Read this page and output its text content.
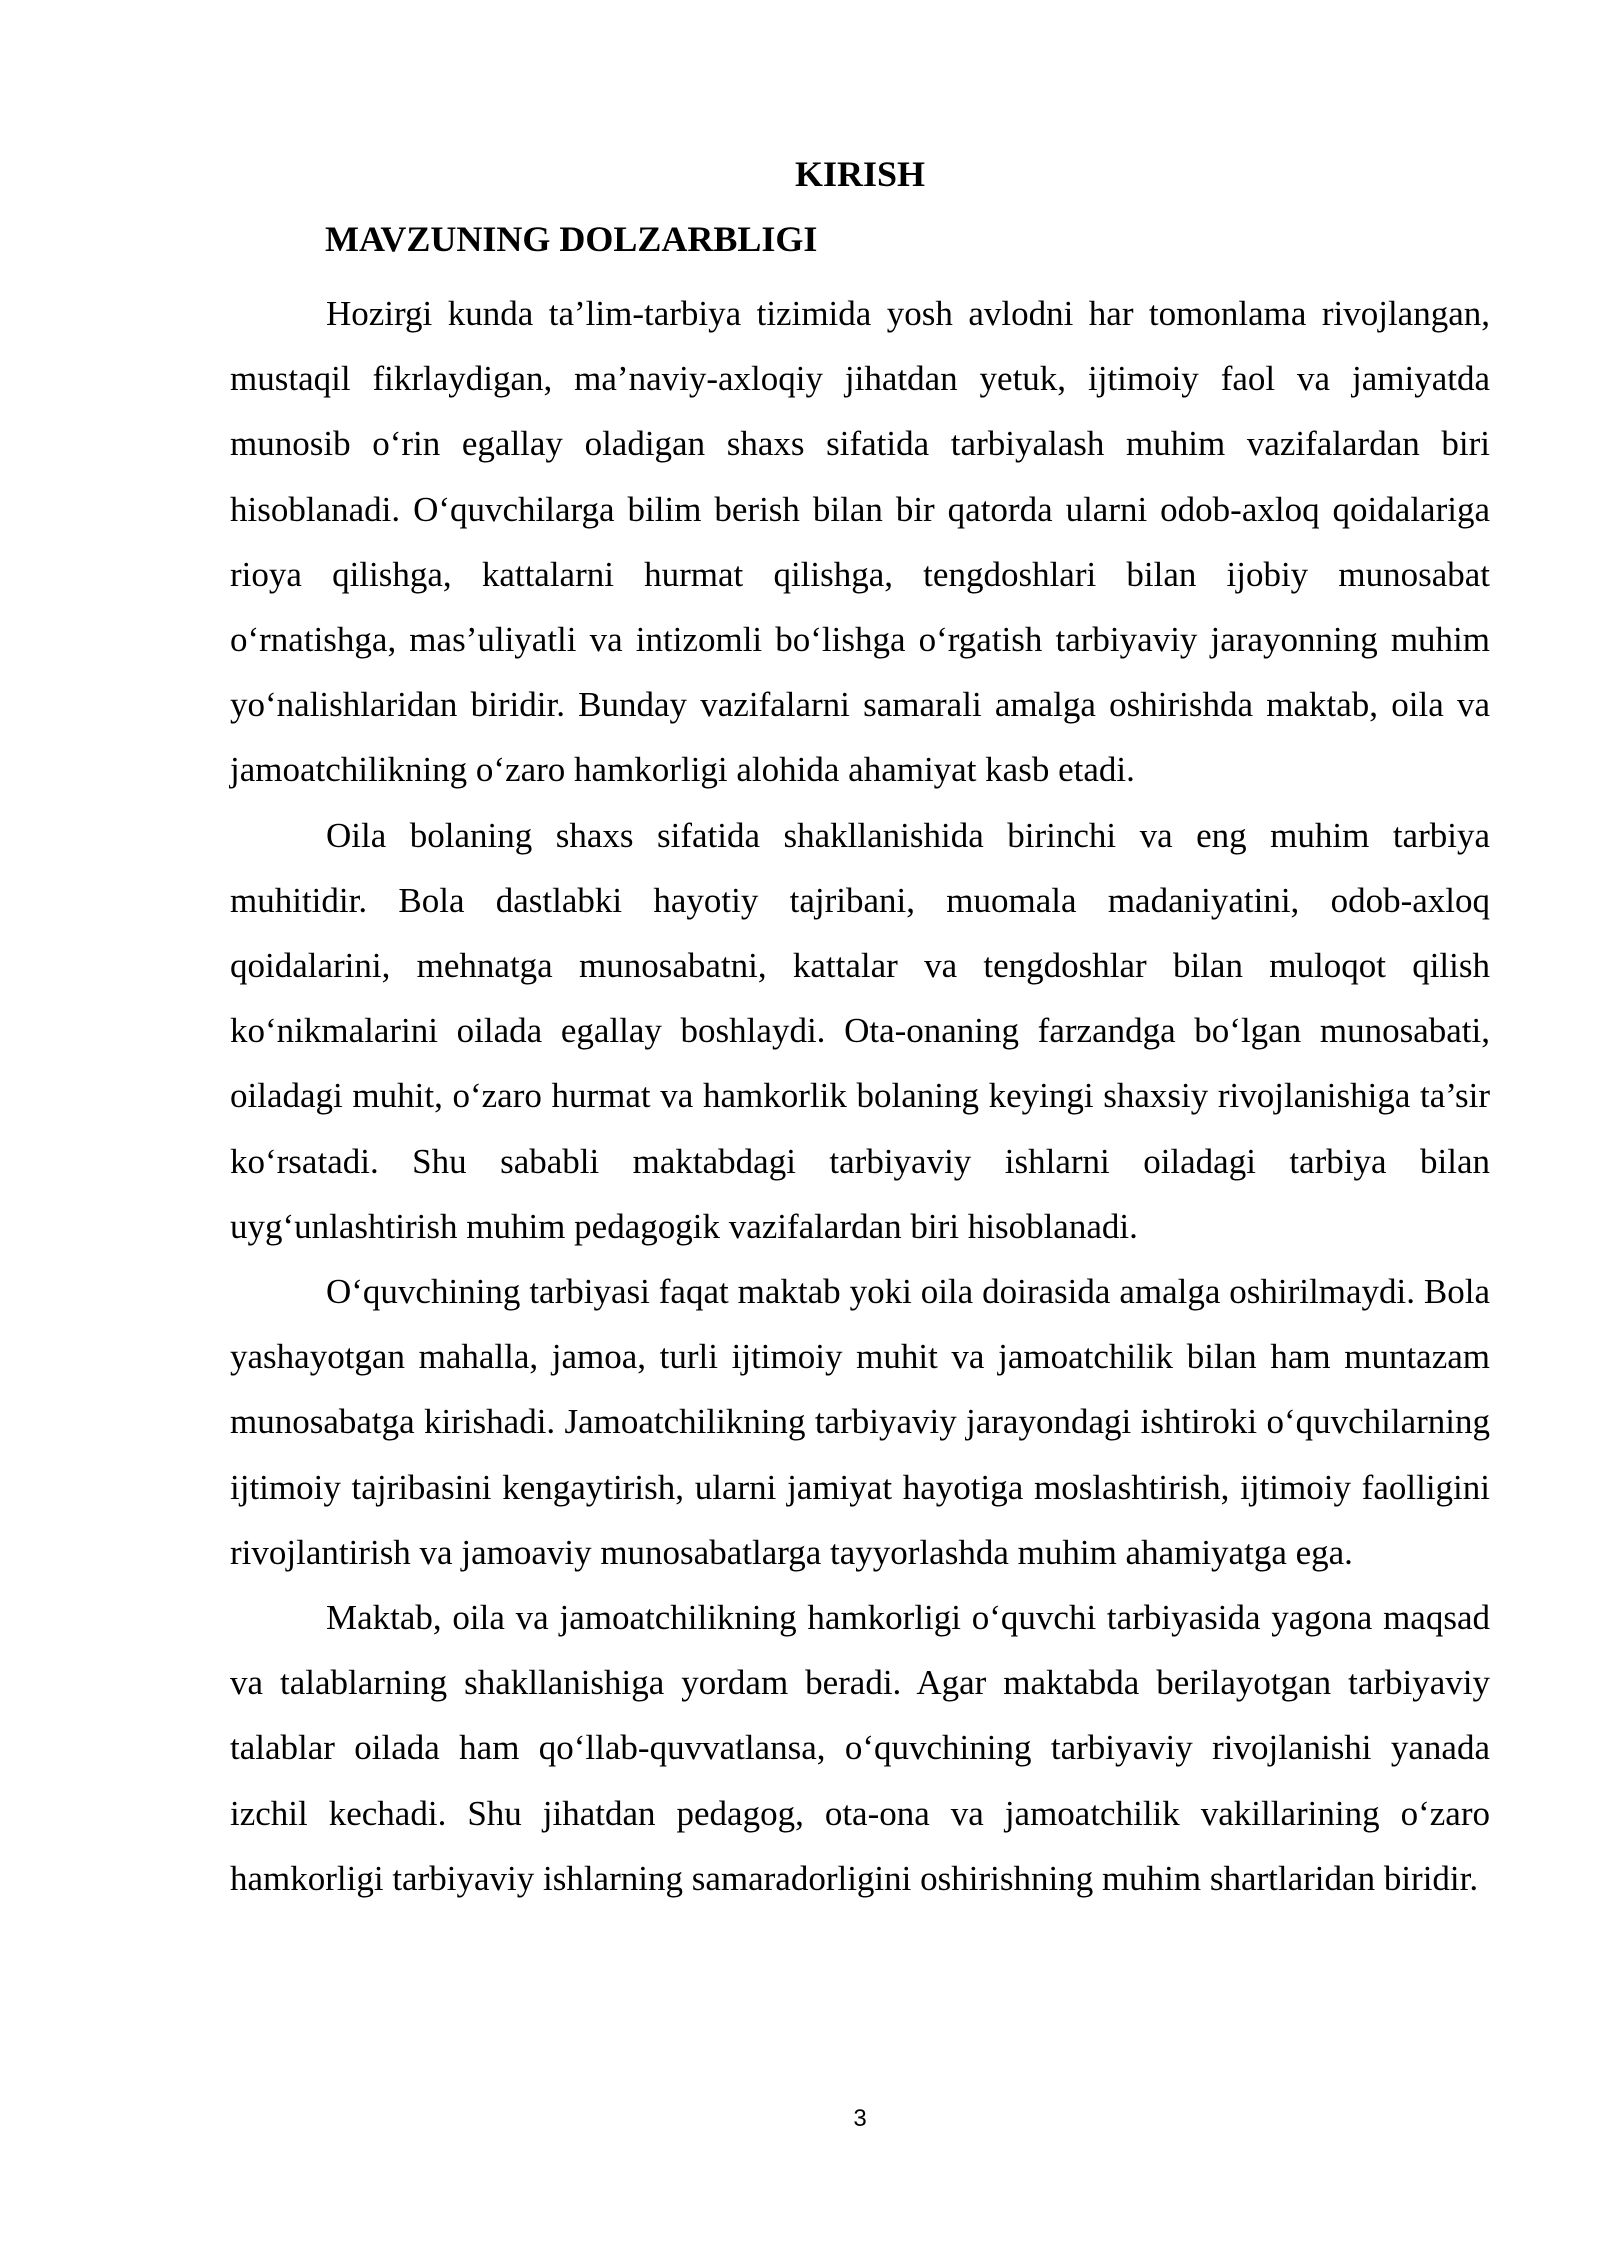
KIRISH
MAVZUNING DOLZARBLIGI

Hozirgi kunda ta’lim-tarbiya tizimida yosh avlodni har tomonlama rivojlangan, mustaqil fikrlaydigan, ma’naviy-axloqiy jihatdan yetuk, ijtimoiy faol va jamiyatda munosib o‘rin egallay oladigan shaxs sifatida tarbiyalash muhim vazifalardan biri hisoblanadi. O‘quvchilarga bilim berish bilan bir qatorda ularni odob-axloq qoidalariga rioya qilishga, kattalarni hurmat qilishga, tengdoshlari bilan ijobiy munosabat o‘rnatishga, mas’uliyatli va intizomli bo‘lishga o‘rgatish tarbiyaviy jarayonning muhim yo‘nalishlaridan biridir. Bunday vazifalarni samarali amalga oshirishda maktab, oila va jamoatchilikning o‘zaro hamkorligi alohida ahamiyat kasb etadi.

Oila bolaning shaxs sifatida shakllanishida birinchi va eng muhim tarbiya muhitidir. Bola dastlabki hayotiy tajribani, muomala madaniyatini, odob-axloq qoidalarini, mehnatga munosabatni, kattalar va tengdoshlar bilan muloqot qilish ko‘nikmalarini oilada egallay boshlaydi. Ota-onaning farzandga bo‘lgan munosabati, oiladagi muhit, o‘zaro hurmat va hamkorlik bolaning keyingi shaxsiy rivojlanishiga ta’sir ko‘rsatadi. Shu sababli maktabdagi tarbiyaviy ishlarni oiladagi tarbiya bilan uyg‘unlashtirish muhim pedagogik vazifalardan biri hisoblanadi.

O‘quvchining tarbiyasi faqat maktab yoki oila doirasida amalga oshirilmaydi. Bola yashayotgan mahalla, jamoa, turli ijtimoiy muhit va jamoatchilik bilan ham muntazam munosabatga kirishadi. Jamoatchilikning tarbiyaviy jarayondagi ishtiroki o‘quvchilarning ijtimoiy tajribasini kengaytirish, ularni jamiyat hayotiga moslashtirish, ijtimoiy faolligini rivojlantirish va jamoaviy munosabatlarga tayyorlashda muhim ahamiyatga ega.

Maktab, oila va jamoatchilikning hamkorligi o‘quvchi tarbiyasida yagona maqsad va talablarning shakllanishiga yordam beradi. Agar maktabda berilayotgan tarbiyaviy talablar oilada ham qo‘llab-quvvatlansa, o‘quvchining tarbiyaviy rivojlanishi yanada izchil kechadi. Shu jihatdan pedagog, ota-ona va jamoatchilik vakillarining o‘zaro hamkorligi tarbiyaviy ishlarning samaradorligini oshirishning muhim shartlaridan biridir.

3
